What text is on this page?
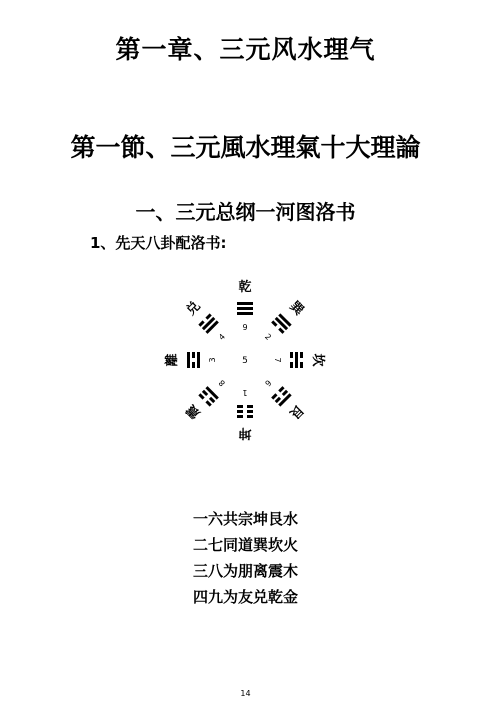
第一章、三元风水理气
第一節、三元風水理氣十大理論
一、三元总纲一河图洛书
1、先天八卦配洛书:
5
乾
9
巽
2
坎
7
艮
6
坤
1
震
8
離	3
兑
4
一六共宗坤艮水
二七同道巽坎火
三八为朋离震木
四九为友兑乾金
14
